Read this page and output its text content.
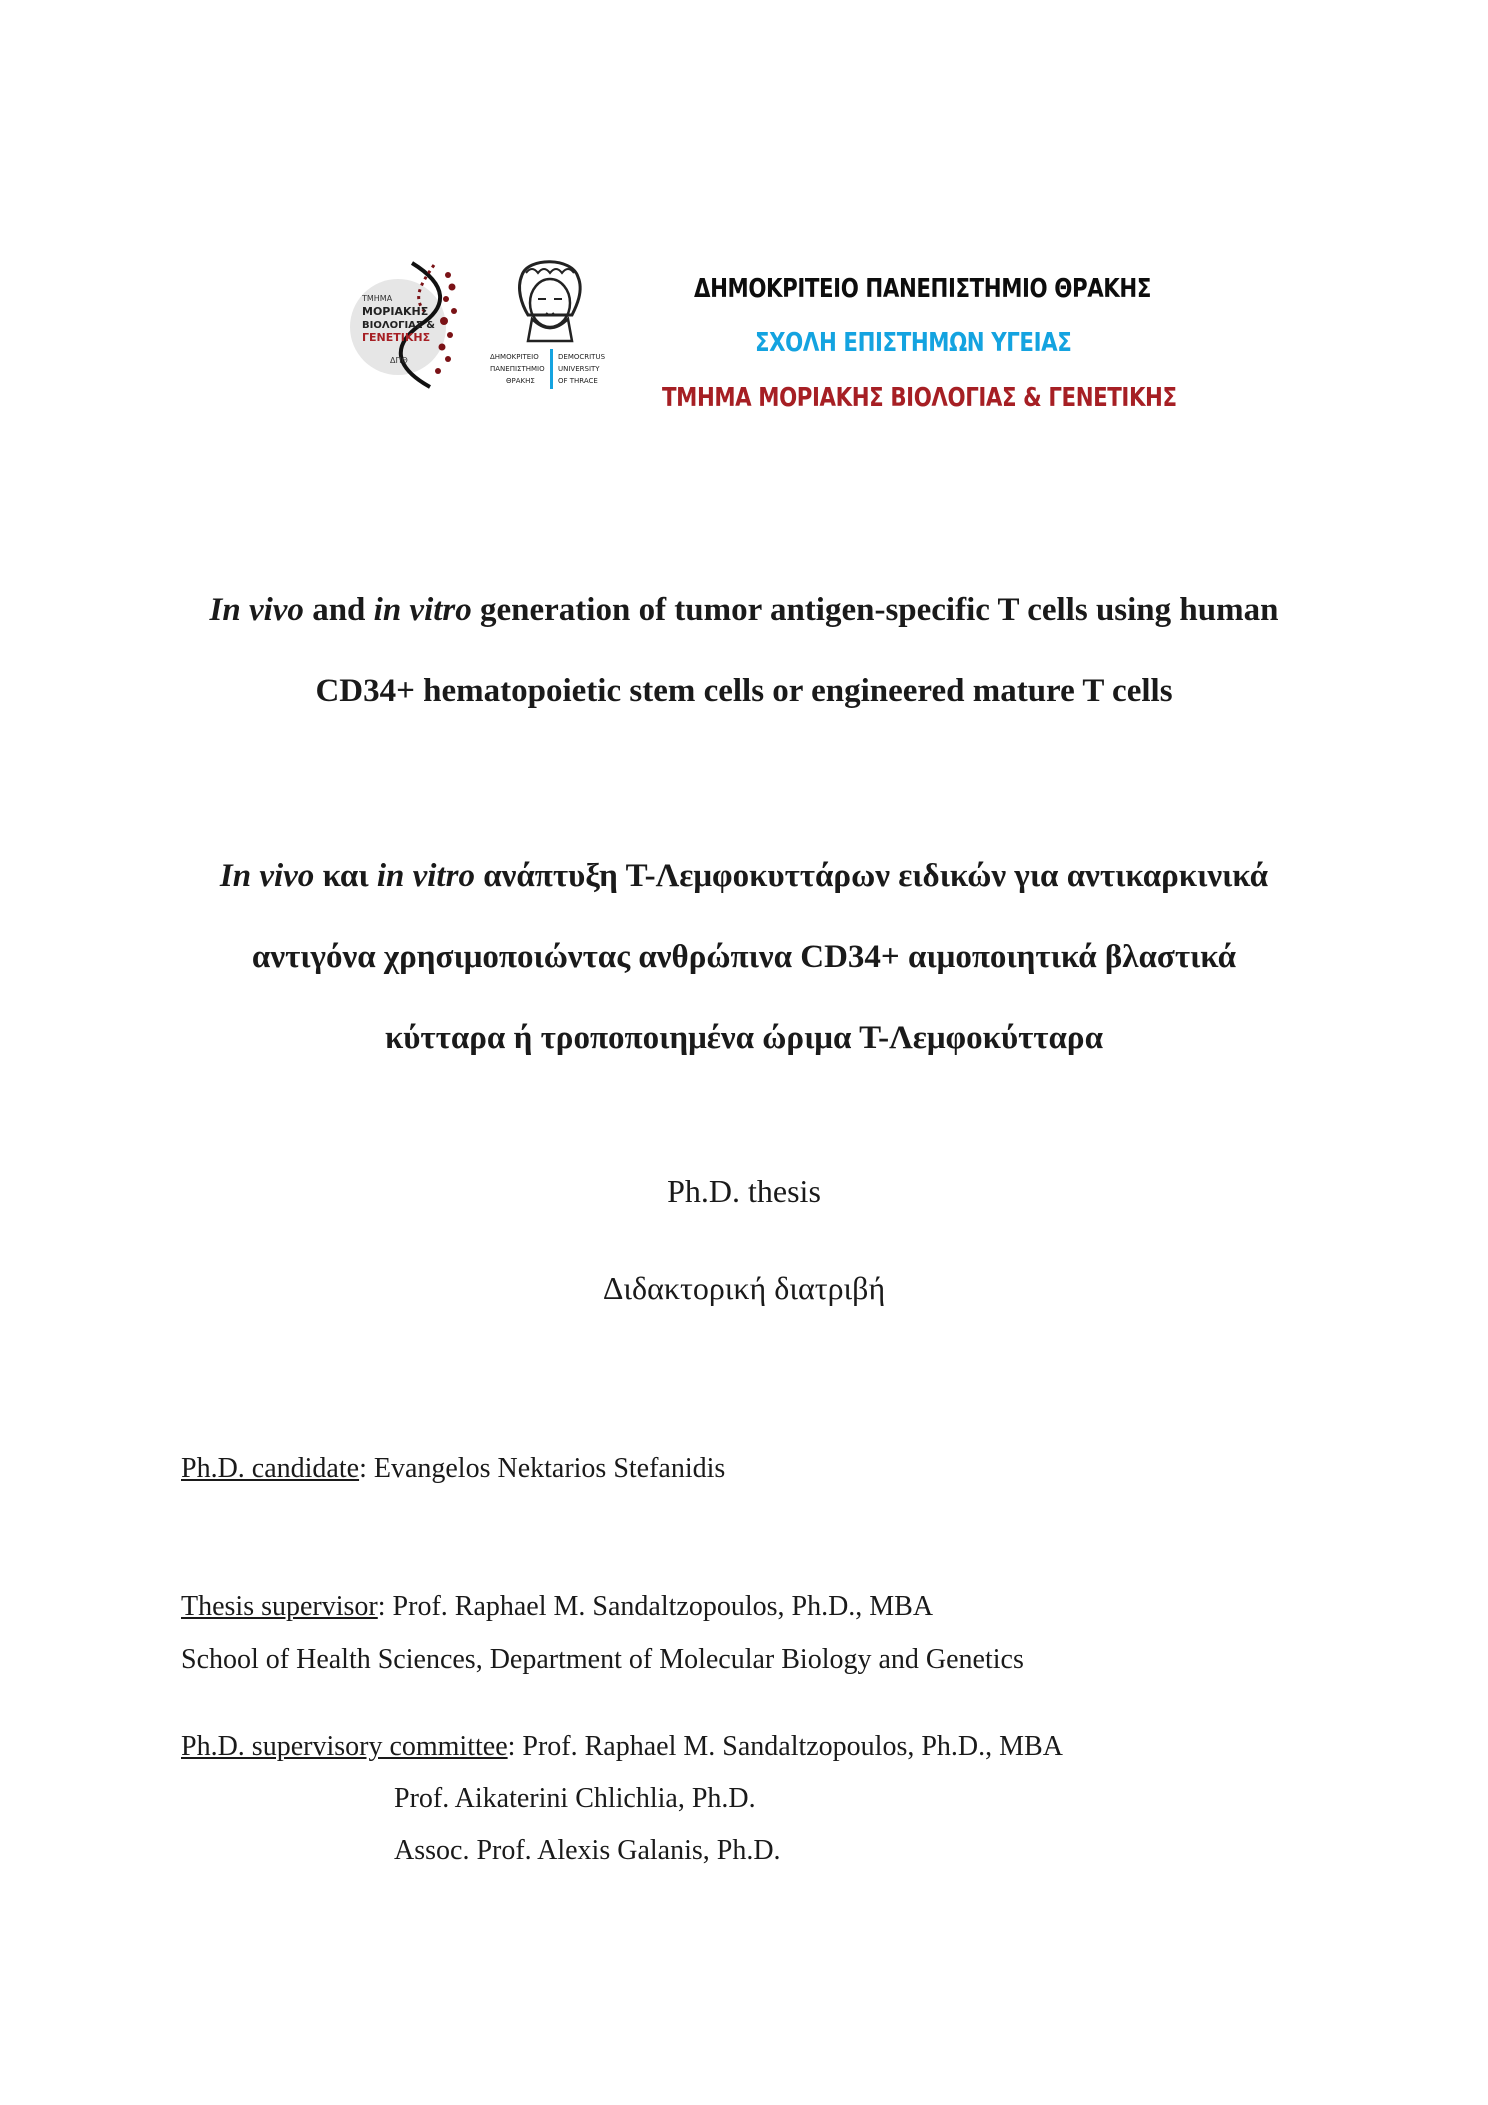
ΤΜΗΜΑ
ΜΟΡΙΑΚΗΣ
ΒΙΟΛΟΓΙΑΣ &
ΓΕΝΕΤΙΚΗΣ
ΔΠΘ	ΔΗΜΟΚΡΙΤΕΙΟ
ΠΑΝΕΠΙΣΤΗΜΙΟ
ΘΡΑΚΗΣ
DEMOCRITUS
UNIVERSITY
OF THRACE
ΔΗΜΟΚΡΙΤΕΙΟ ΠΑΝΕΠΙΣΤΗΜΙΟ ΘΡΑΚΗΣ
ΣΧΟΛΗ ΕΠΙΣΤΗΜΩΝ ΥΓΕΙΑΣ
ΤΜΗΜΑ ΜΟΡΙΑΚΗΣ ΒΙΟΛΟΓΙΑΣ & ΓΕΝΕΤΙΚΗΣ
In vivo and in vitro generation of tumor antigen-specific T cells using human
CD34+ hematopoietic stem cells or engineered mature T cells
In vivo και in vitro ανάπτυξη Τ-Λεμφοκυττάρων ειδικών για αντικαρκινικά
αντιγόνα χρησιμοποιώντας ανθρώπινα CD34+ αιμοποιητικά βλαστικά
κύτταρα ή τροποποιημένα ώριμα Τ-Λεμφοκύτταρα
Ph.D. thesis
Διδακτορική διατριβή
Ph.D. candidate: Evangelos Nektarios Stefanidis
Thesis supervisor: Prof. Raphael M. Sandaltzopoulos, Ph.D., MBA
School of Health Sciences, Department of Molecular Biology and Genetics
Ph.D. supervisory committee: Prof. Raphael M. Sandaltzopoulos, Ph.D., MBA
Prof. Aikaterini Chlichlia, Ph.D.
Assoc. Prof. Alexis Galanis, Ph.D.
